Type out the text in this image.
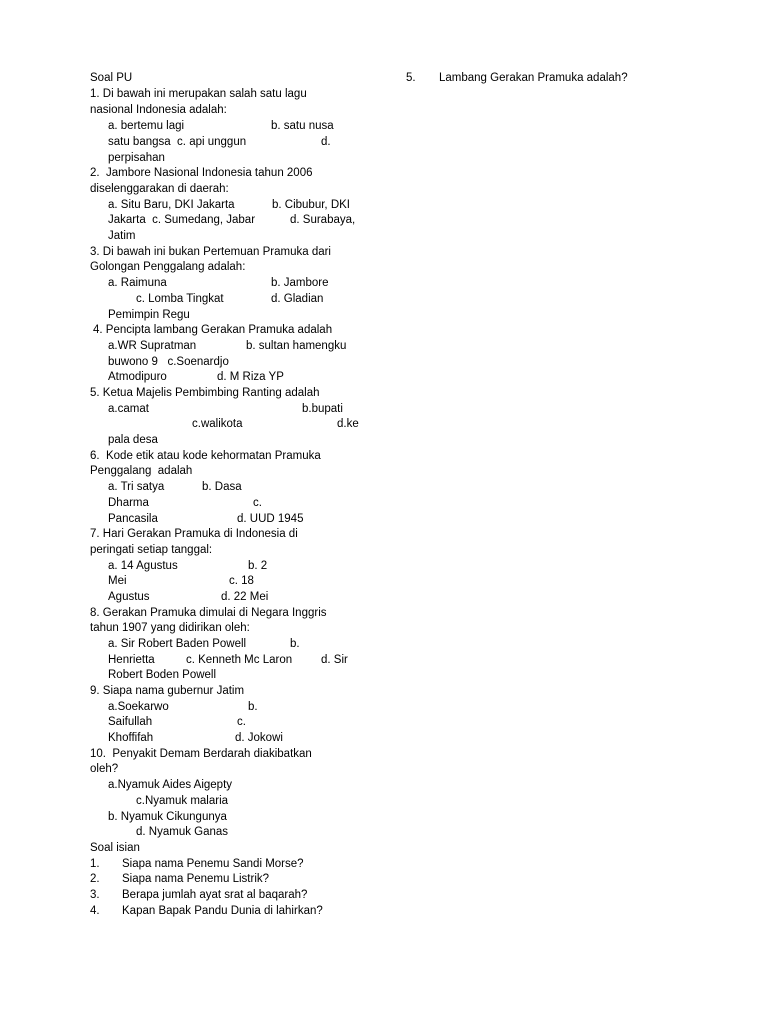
Soal PU
1. Di bawah ini merupakan salah satu lagu
nasional Indonesia adalah:
a. bertemu lagi	b. satu nusa
satu bangsa  c. api unggun	d.
perpisahan
2.  Jambore Nasional Indonesia tahun 2006
diselenggarakan di daerah:
a. Situ Baru, DKI Jakarta	b. Cibubur, DKI
Jakarta  c. Sumedang, Jabar	d. Surabaya,
Jatim
3. Di bawah ini bukan Pertemuan Pramuka dari
Golongan Penggalang adalah:
a. Raimuna	b. Jambore
c. Lomba Tingkat	d. Gladian
Pemimpin Regu
4. Pencipta lambang Gerakan Pramuka adalah
a.WR Supratman	b. sultan hamengku
buwono 9   c.Soenardjo
Atmodipuro	d. M Riza YP
5. Ketua Majelis Pembimbing Ranting adalah
a.camat	b.bupati
c.walikota	d.ke
pala desa
6.  Kode etik atau kode kehormatan Pramuka
Penggalang  adalah
a. Tri satya	b. Dasa
Dharma	c.
Pancasila	d. UUD 1945
7. Hari Gerakan Pramuka di Indonesia di
peringati setiap tanggal:
a. 14 Agustus	b. 2
Mei	c. 18
Agustus	d. 22 Mei
8. Gerakan Pramuka dimulai di Negara Inggris
tahun 1907 yang didirikan oleh:
a. Sir Robert Baden Powell	b.
Henrietta	c. Kenneth Mc Laron	d. Sir
Robert Boden Powell
9. Siapa nama gubernur Jatim
a.Soekarwo	b.
Saifullah	c.
Khoffifah	d. Jokowi
10.  Penyakit Demam Berdarah diakibatkan
oleh?
a.Nyamuk Aides Aigepty
c.Nyamuk malaria
b. Nyamuk Cikungunya
d. Nyamuk Ganas
Soal isian
1. Siapa nama Penemu Sandi Morse?
2. Siapa nama Penemu Listrik?
3. Berapa jumlah ayat srat al baqarah?
4. Kapan Bapak Pandu Dunia di lahirkan?
5. Lambang Gerakan Pramuka adalah?
